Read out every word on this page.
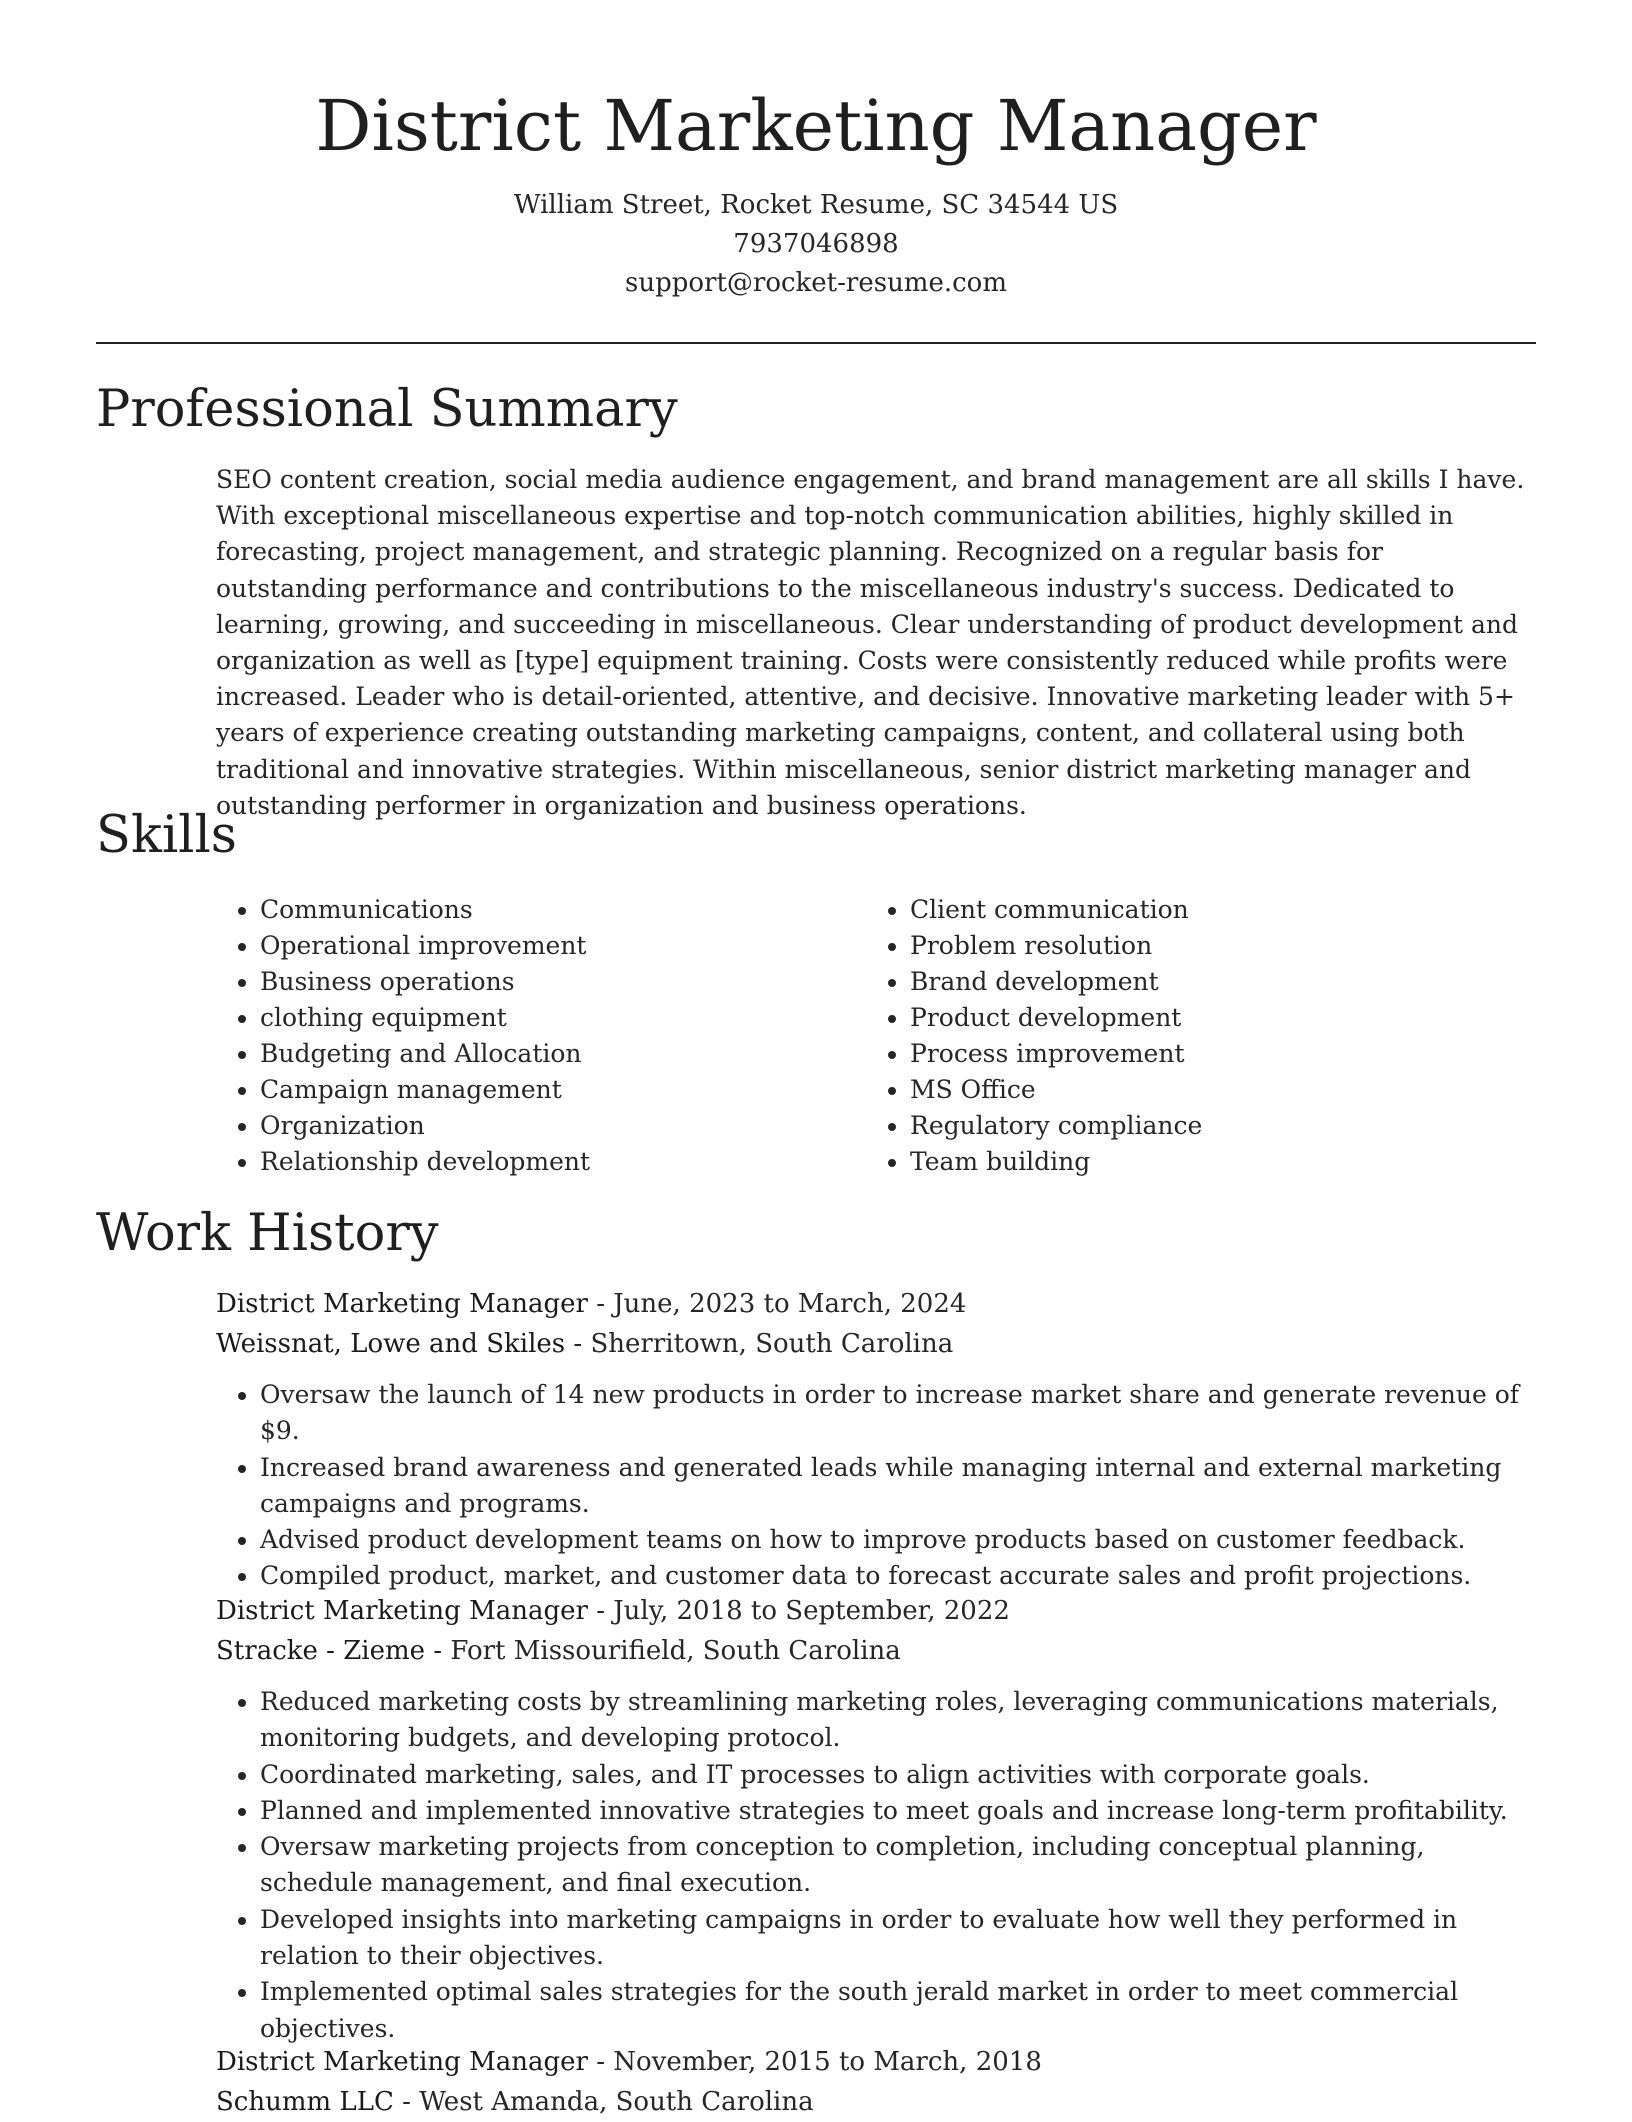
District Marketing Manager
William Street, Rocket Resume, SC 34544 US
7937046898
support@rocket-resume.com
Professional Summary

SEO content creation, social media audience engagement, and brand management are all skills I have. With exceptional miscellaneous expertise and top-notch communication abilities, highly skilled in forecasting, project management, and strategic planning. Recognized on a regular basis for outstanding performance and contributions to the miscellaneous industry's success. Dedicated to learning, growing, and succeeding in miscellaneous. Clear understanding of product development and organization as well as [type] equipment training. Costs were consistently reduced while profits were increased. Leader who is detail-oriented, attentive, and decisive. Innovative marketing leader with 5+ years of experience creating outstanding marketing campaigns, content, and collateral using both traditional and innovative strategies. Within miscellaneous, senior district marketing manager and outstanding performer in organization and business operations.

Skills
• Communications
• Operational improvement
• Business operations
• clothing equipment
• Budgeting and Allocation
• Campaign management
• Organization
• Relationship development
• Client communication
• Problem resolution
• Brand development
• Product development
• Process improvement
• MS Office
• Regulatory compliance
• Team building
Work History
District Marketing Manager - June, 2023 to March, 2024
Weissnat, Lowe and Skiles - Sherritown, South Carolina
• Oversaw the launch of 14 new products in order to increase market share and generate revenue of $9.
• Increased brand awareness and generated leads while managing internal and external marketing campaigns and programs.
• Advised product development teams on how to improve products based on customer feedback.
• Compiled product, market, and customer data to forecast accurate sales and profit projections.
District Marketing Manager - July, 2018 to September, 2022
Stracke - Zieme - Fort Missourifield, South Carolina
• Reduced marketing costs by streamlining marketing roles, leveraging communications materials, monitoring budgets, and developing protocol.
• Coordinated marketing, sales, and IT processes to align activities with corporate goals.
• Planned and implemented innovative strategies to meet goals and increase long-term profitability.
• Oversaw marketing projects from conception to completion, including conceptual planning, schedule management, and final execution.
• Developed insights into marketing campaigns in order to evaluate how well they performed in relation to their objectives.
• Implemented optimal sales strategies for the south jerald market in order to meet commercial objectives.
District Marketing Manager - November, 2015 to March, 2018
Schumm LLC - West Amanda, South Carolina
